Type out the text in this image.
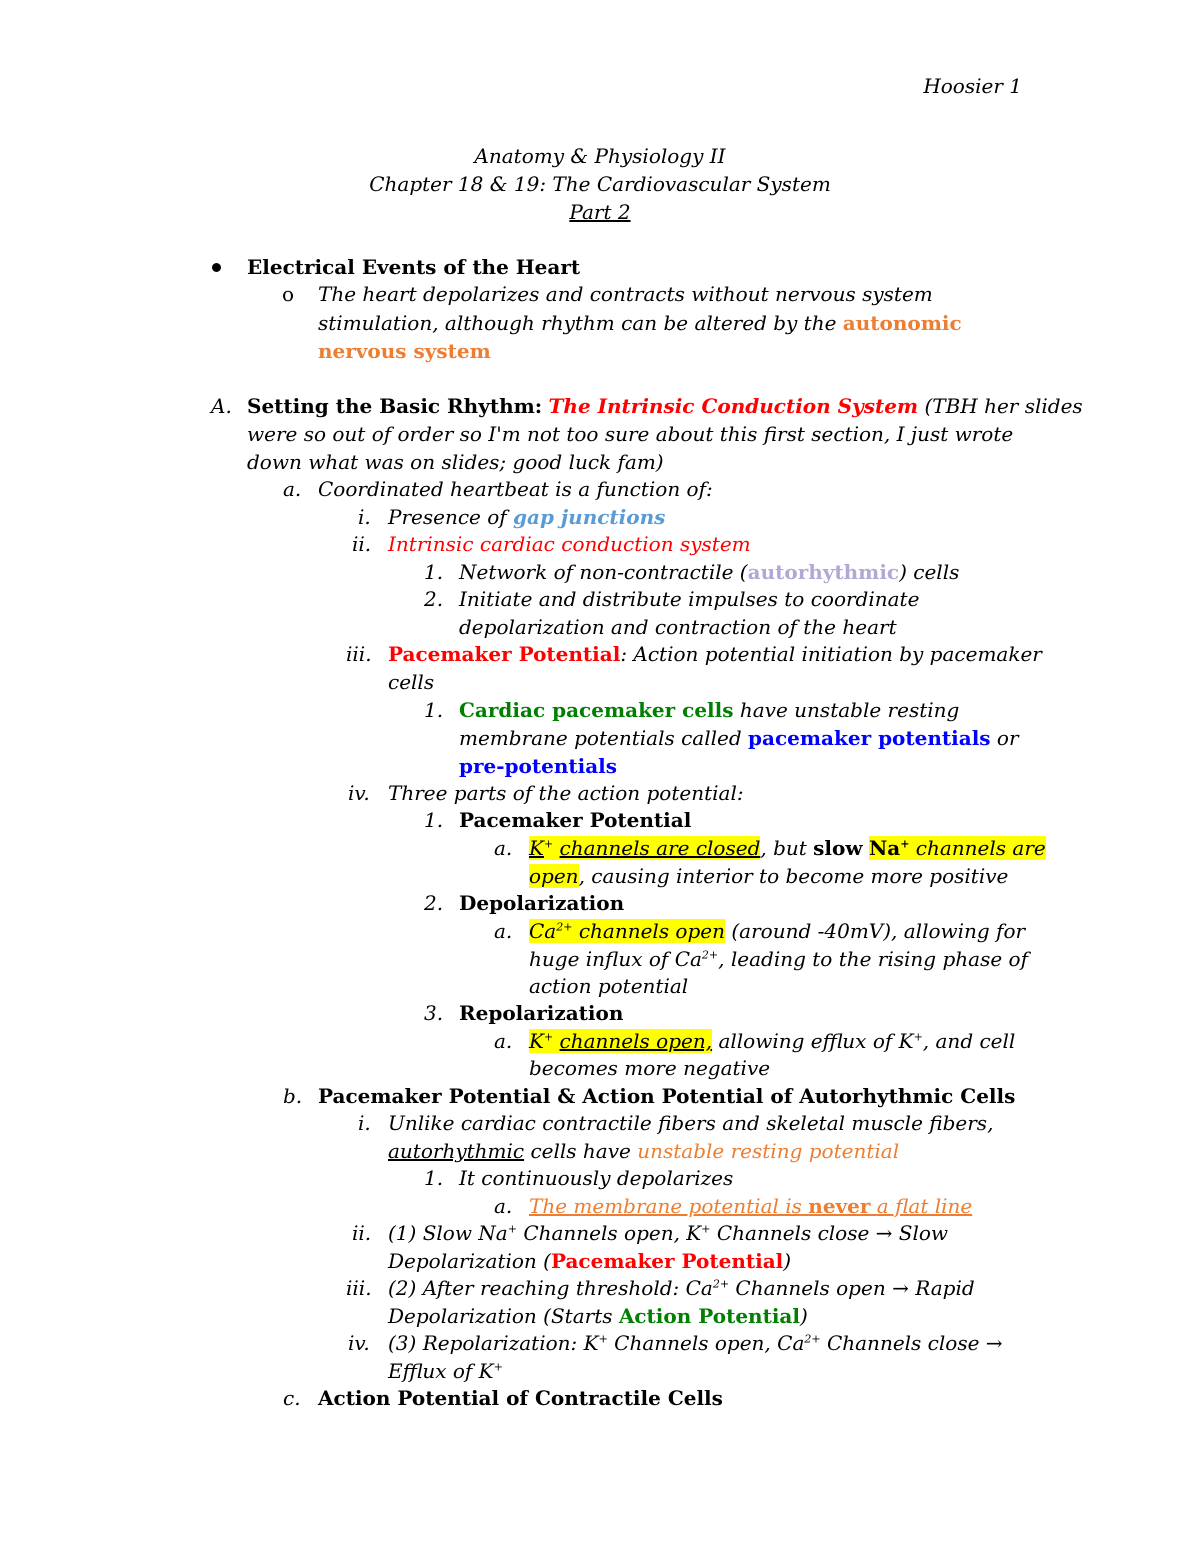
Hoosier 1
Anatomy & Physiology II
Chapter 18 & 19: The Cardiovascular System
Part 2
Electrical Events of the Heart
o The heart depolarizes and contracts without nervous system
stimulation, although rhythm can be altered by the autonomic
nervous system
A. Setting the Basic Rhythm: The Intrinsic Conduction System (TBH her slides
were so out of order so I'm not too sure about this first section, I just wrote
down what was on slides; good luck fam)
a. Coordinated heartbeat is a function of:
i. Presence of gap junctions
ii. Intrinsic cardiac conduction system
1. Network of non-contractile (autorhythmic) cells
2. Initiate and distribute impulses to coordinate
depolarization and contraction of the heart
iii. Pacemaker Potential: Action potential initiation by pacemaker
cells
1. Cardiac pacemaker cells have unstable resting
membrane potentials called pacemaker potentials or
pre-potentials
iv. Three parts of the action potential:
1. Pacemaker Potential
a. K+ channels are closed, but slow Na+ channels are
open, causing interior to become more positive
2. Depolarization
a. $Ca^{2+}$ channels open (around -40mV), allowing for
huge influx of $Ca^{2+}$, leading to the rising phase of
action potential
3. Repolarization
a. K+ channels open, allowing efflux of K+, and cell
becomes more negative
b. Pacemaker Potential & Action Potential of Autorhythmic Cells
i. Unlike cardiac contractile fibers and skeletal muscle fibers,
autorhythmic cells have unstable resting potential
1. It continuously depolarizes
a. The membrane potential is never a flat line
ii. (1) Slow Na+ Channels open, K+ Channels close → Slow
Depolarization (Pacemaker Potential)
iii. (2) After reaching threshold: $Ca^{2+}$ Channels open → Rapid
Depolarization (Starts Action Potential)
iv. (3) Repolarization: K+ Channels open, $Ca^{2+}$ Channels close →
Efflux of K+
c. Action Potential of Contractile Cells
